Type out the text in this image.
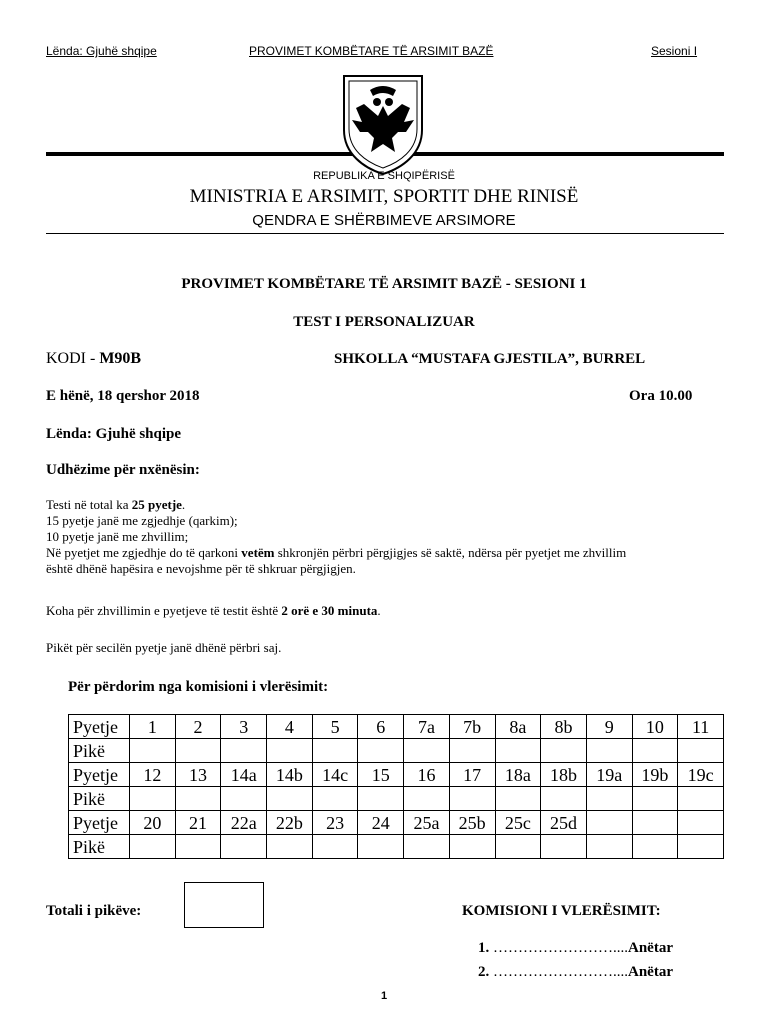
Lënda: Gjuhë shqipe	PROVIMET KOMBËTARE TË ARSIMIT BAZË	Sesioni I
REPUBLIKA E SHQIPËRISË
MINISTRIA E ARSIMIT, SPORTIT DHE RINISË
QENDRA E SHËRBIMEVE ARSIMORE
PROVIMET KOMBËTARE TË ARSIMIT BAZË - SESIONI 1
TEST I PERSONALIZUAR
KODI - M90B	SHKOLLA “MUSTAFA GJESTILA”, BURREL
E hënë, 18 qershor 2018	Ora 10.00
Lënda: Gjuhë shqipe
Udhëzime për nxënësin:
Testi në total ka 25 pyetje.
15 pyetje janë me zgjedhje (qarkim);
10 pyetje janë me zhvillim;
Në pyetjet me zgjedhje do të qarkoni vetëm shkronjën përbri përgjigjes së saktë, ndërsa për pyetjet me zhvillim
është dhënë hapësira e nevojshme për të shkruar përgjigjen.
Koha për zhvillimin e pyetjeve të testit është 2 orë e 30 minuta.
Pikët për secilën pyetje janë dhënë përbri saj.
Për përdorim nga komisioni i vlerësimit:
Pyetje	1	2	3	4	5	6	7a	7b	8a	8b	9	10	11
Pikë													
Pyetje	12	13	14a	14b	14c	15	16	17	18a	18b	19a	19b	19c
Pikë													
Pyetje	20	21	22a	22b	23	24	25a	25b	25c	25d			
Pikë													
Totali i pikëve:	KOMISIONI I VLERËSIMIT:
1. ……………………....Anëtar
2. ……………………....Anëtar
1
